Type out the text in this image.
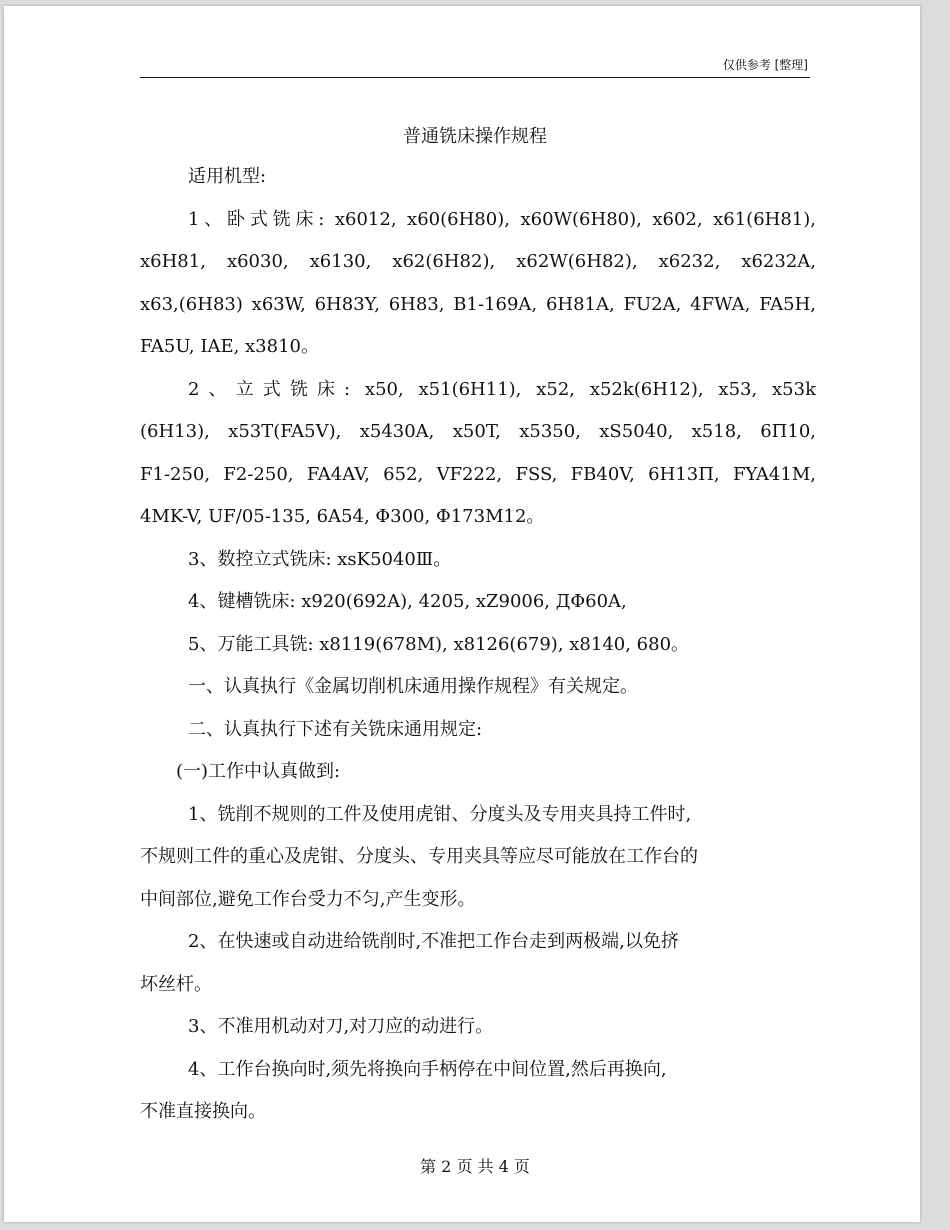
仅供参考 [整理]
普通铣床操作规程
适用机型:
1、卧式铣床: x6012, x60(6H80), x60W(6H80), x602, x61(6H81),
x6H81, x6030, x6130, x62(6H82), x62W(6H82), x6232, x6232A,
x63,(6H83) x63W, 6H83Y, 6H83, B1-169A, 6H81A, FU2A, 4FWA, FA5H,
FA5U, IAE, x3810。
2、立式铣床: x50, x51(6H11), x52, x52k(6H12), x53, x53k
(6H13), x53T(FA5V), x5430A, x50T, x5350, xS5040, x518, 6П10,
F1-250, F2-250, FA4AV, 652, VF222, FSS, FB40V, 6H13П, FYA41M,
4MK-V, UF/05-135, 6A54, Φ300, Φ173M12。
3、数控立式铣床: xsK5040Ⅲ。
4、键槽铣床: x920(692A), 4205, xZ9006, ДΦ60A,
5、万能工具铣: x8119(678M), x8126(679), x8140, 680。
一、认真执行《金属切削机床通用操作规程》有关规定。
二、认真执行下述有关铣床通用规定:
(一)工作中认真做到:
1、铣削不规则的工件及使用虎钳、分度头及专用夹具持工件时,
不规则工件的重心及虎钳、分度头、专用夹具等应尽可能放在工作台的
中间部位,避免工作台受力不匀,产生变形。
2、在快速或自动进给铣削时,不准把工作台走到两极端,以免挤
坏丝杆。
3、不准用机动对刀,对刀应的动进行。
4、工作台换向时,须先将换向手柄停在中间位置,然后再换向,
不准直接换向。
第 2 页 共 4 页
